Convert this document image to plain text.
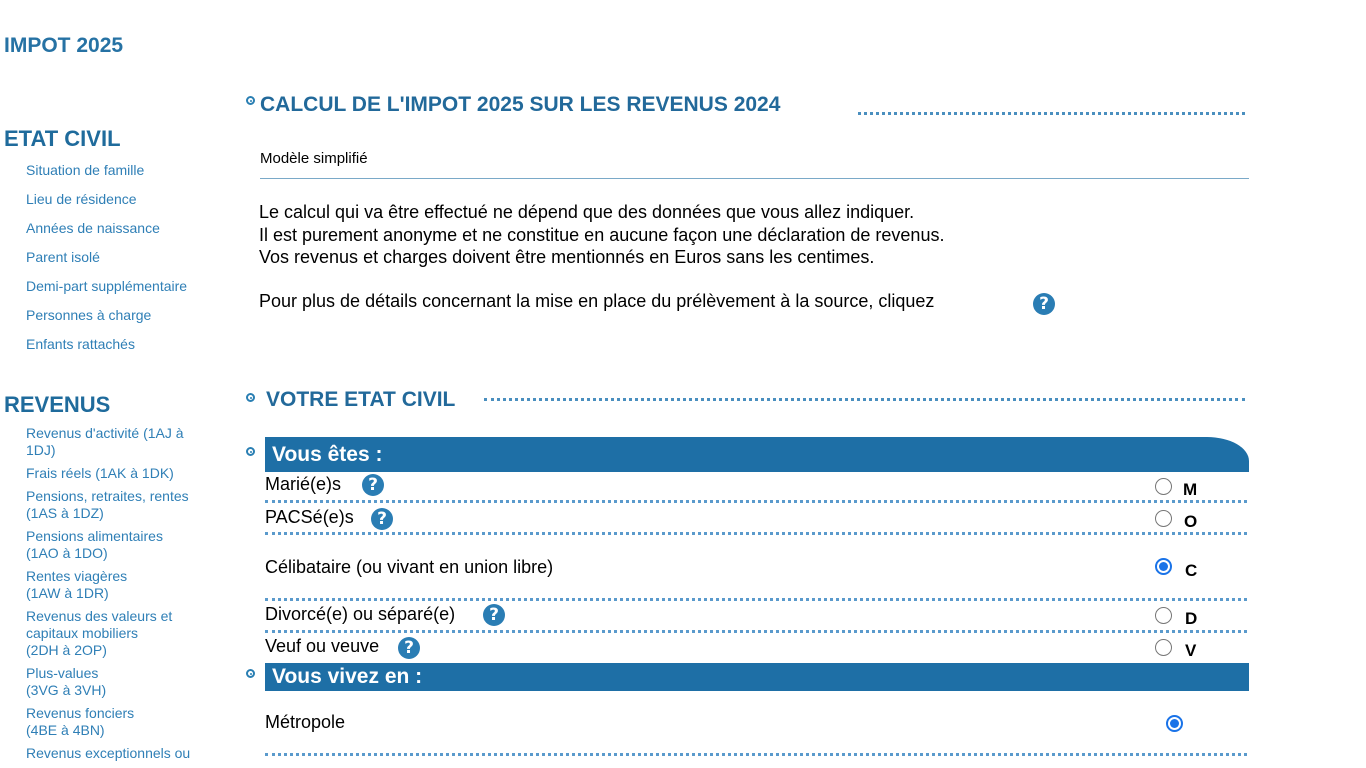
IMPOT 2025
ETAT CIVIL
Situation de famille
Lieu de résidence
Années de naissance
Parent isolé
Demi-part supplémentaire
Personnes à charge
Enfants rattachés
REVENUS
Revenus d'activité (1AJ à
1DJ)
Frais réels (1AK à 1DK)
Pensions, retraites, rentes
(1AS à 1DZ)
Pensions alimentaires
(1AO à 1DO)
Rentes viagères
(1AW à 1DR)
Revenus des valeurs et
capitaux mobiliers
(2DH à 2OP)
Plus-values
(3VG à 3VH)
Revenus fonciers
(4BE à 4BN)
Revenus exceptionnels ou
CALCUL DE L'IMPOT 2025 SUR LES REVENUS 2024
Modèle simplifié
Le calcul qui va être effectué ne dépend que des données que vous allez indiquer.
Il est purement anonyme et ne constitue en aucune façon une déclaration de revenus.
Vos revenus et charges doivent être mentionnés en Euros sans les centimes.
Pour plus de détails concernant la mise en place du prélèvement à la source, cliquez	?
VOTRE ETAT CIVIL
Vous êtes :
Marié(e)s	?	M
PACSé(e)s	?	O
Célibataire (ou vivant en union libre)	C
Divorcé(e) ou séparé(e)	?	D
Veuf ou veuve	?	V
Vous vivez en :
Métropole
